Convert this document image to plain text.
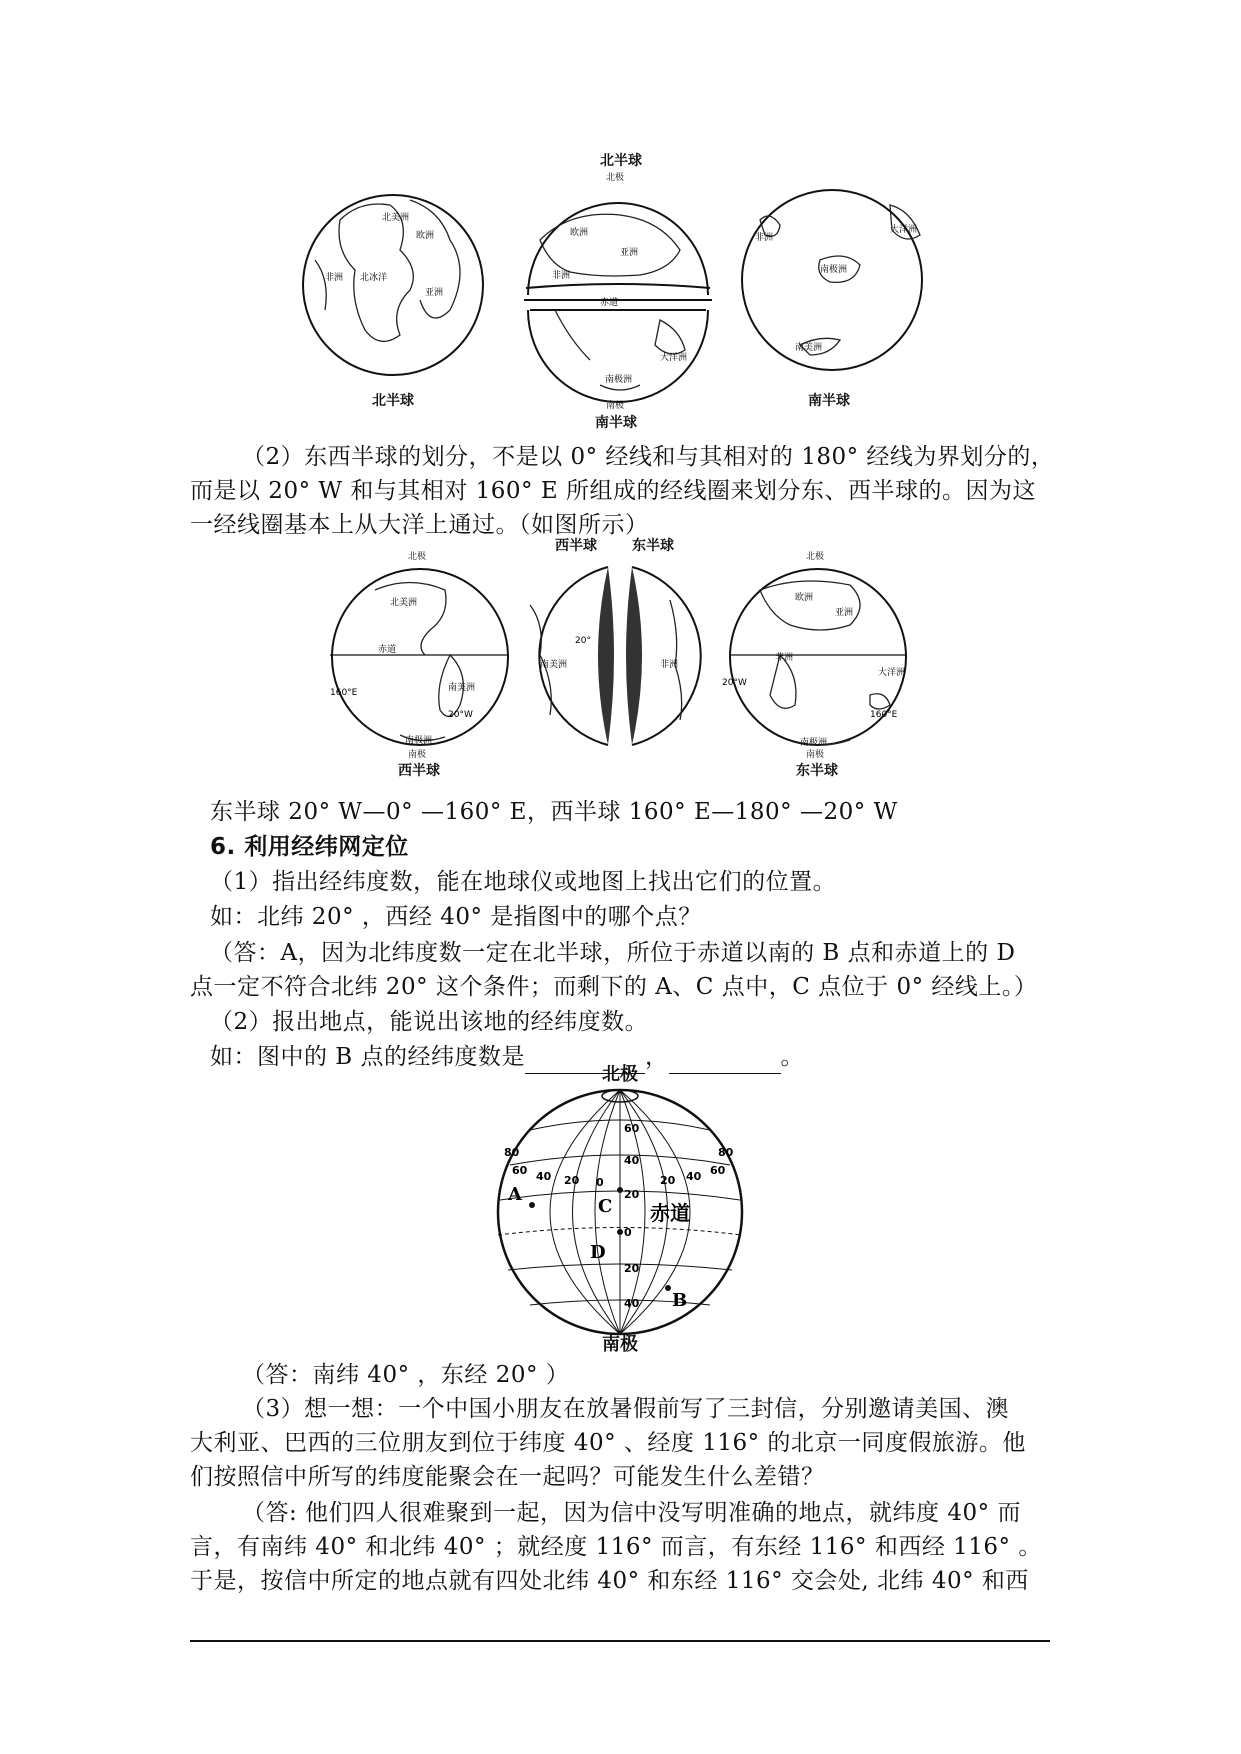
北美洲
欧洲
亚洲
非洲 北冰洋
欧洲
亚洲
非洲
赤道
大洋洲
南极洲
非洲
南极洲
大洋洲
南美洲
北半球
北极
北半球	南极
南半球
南半球
（2）东西半球的划分，不是以 0° 经线和与其相对的 180° 经线为界划分的，
而是以 20° W 和与其相对 160° E 所组成的经线圈来划分东、西半球的。因为这
一经线圈基本上从大洋上通过。（如图所示）
北美洲
南美洲
南极洲
赤道
160°E
20°W
南美洲	非洲
20°
欧洲
亚洲
非洲
大洋洲
南极洲
20°W
160°E
西半球	东半球
北极	北极
南极	南极
西半球	东半球
东半球 20° W—0° —160° E，西半球 160° E—180° —20° W
6. 利用经纬网定位
（1）指出经纬度数，能在地球仪或地图上找出它们的位置。
如：北纬 20° ，西经 40° 是指图中的哪个点？
（答：A，因为北纬度数一定在北半球，所位于赤道以南的 B 点和赤道上的 D
点一定不符合北纬 20° 这个条件；而剩下的 A、C 点中，C 点位于 0° 经线上。）
（2）报出地点，能说出该地的经纬度数。
如：图中的 B 点的经纬度数是	，	。
A
B
C
D
赤道
60
40
20
0
20
40
80
60 40 20 0	20 40 60
80
北极
南极
（答：南纬 40° ，东经 20° ）
（3）想一想：一个中国小朋友在放暑假前写了三封信，分别邀请美国、澳
大利亚、巴西的三位朋友到位于纬度 40° 、经度 116° 的北京一同度假旅游。他
们按照信中所写的纬度能聚会在一起吗？可能发生什么差错？
（答: 他们四人很难聚到一起，因为信中没写明准确的地点，就纬度 40° 而
言，有南纬 40° 和北纬 40° ；就经度 116° 而言，有东经 116° 和西经 116° 。
于是，按信中所定的地点就有四处北纬 40° 和东经 116° 交会处, 北纬 40° 和西
